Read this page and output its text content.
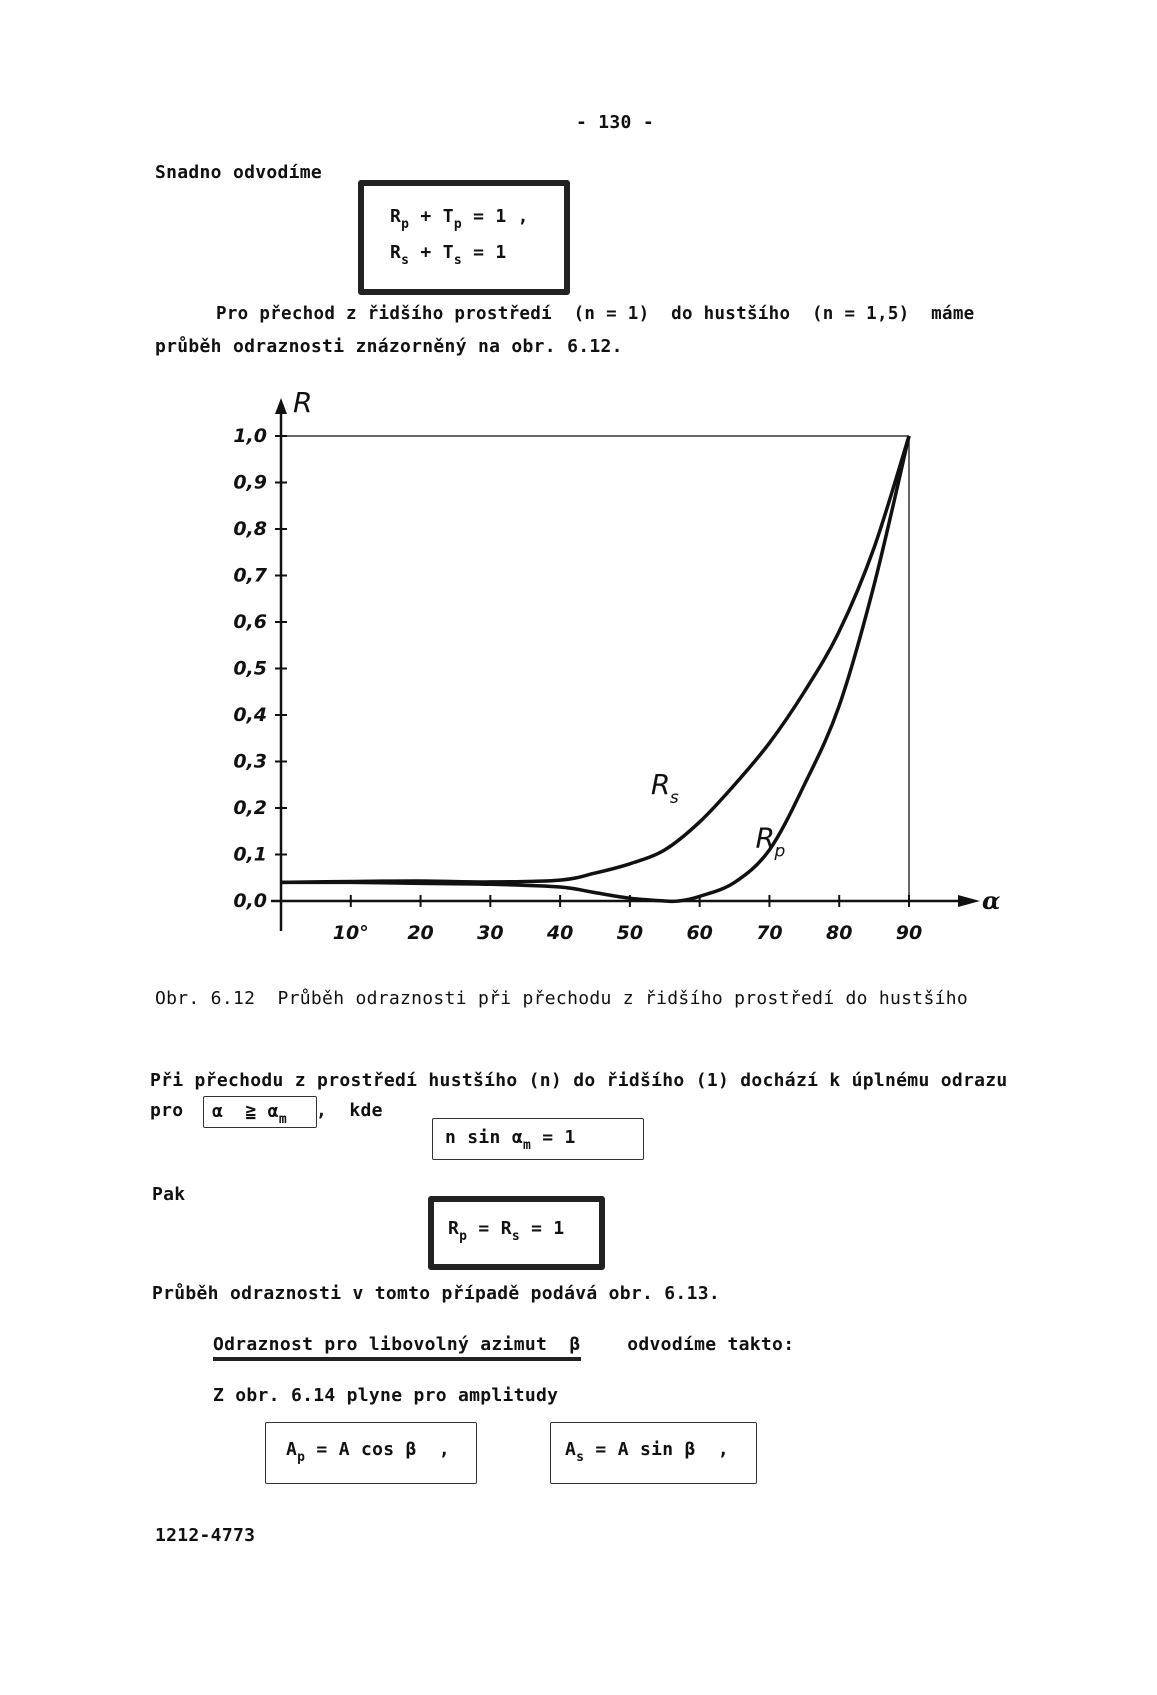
- 130 -
Snadno odvodíme
$R_p + T_p = 1$ ,
$R_s + T_s = 1$
Pro přechod z řidšího prostředí  (n = 1)  do hustšího  (n = 1,5)  máme
průběh odraznosti znázorněný na obr. 6.12.
1,0
0,9
0,8
0,7
0,6
0,5
0,4
0,3
0,2
0,1
0,0
10° 20 30 40 50 60 70 80 90
R
α
R s
R p
Obr. 6.12  Průběh odraznosti při přechodu z řidšího prostředí do hustšího
Při přechodu z prostředí hustšího (n) do řidšího (1) dochází k úplnému odrazu
pro α  ≧ $\alpha_m$ ,  kde
n $\sin \alpha_m = 1$
Pak
$R_p = R_s = 1$
Průběh odraznosti v tomto případě podává obr. 6.13.
Odraznost pro libovolný azimut  β odvodíme takto:
Z obr. 6.14 plyne pro amplitudy
$A_p = A$ cos β  ,	$A_s = A$ sin β  ,
1212-4773
